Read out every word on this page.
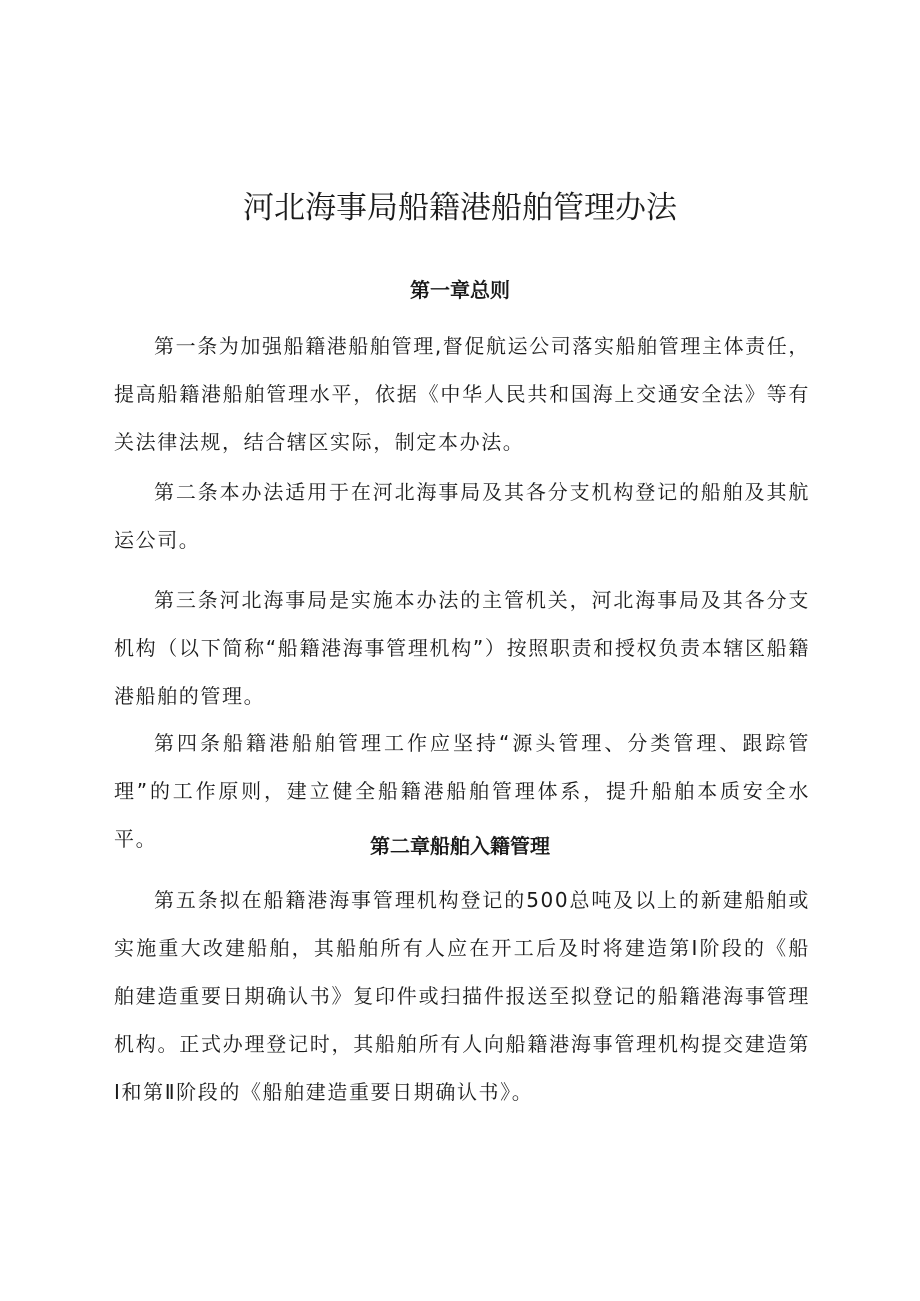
河北海事局船籍港船舶管理办法
第一章总则

第一条为加强船籍港船舶管理,督促航运公司落实船舶管理主体责任，提高船籍港船舶管理水平，依据《中华人民共和国海上交通安全法》等有关法律法规，结合辖区实际，制定本办法。

第二条本办法适用于在河北海事局及其各分支机构登记的船舶及其航运公司。

第三条河北海事局是实施本办法的主管机关，河北海事局及其各分支机构（以下简称“船籍港海事管理机构”）按照职责和授权负责本辖区船籍港船舶的管理。

第四条船籍港船舶管理工作应坚持“源头管理、分类管理、跟踪管理”的工作原则，建立健全船籍港船舶管理体系，提升船舶本质安全水平。	第二章船舶入籍管理

第五条拟在船籍港海事管理机构登记的500总吨及以上的新建船舶或实施重大改建船舶，其船舶所有人应在开工后及时将建造第Ⅰ阶段的《船舶建造重要日期确认书》复印件或扫描件报送至拟登记的船籍港海事管理机构。正式办理登记时，其船舶所有人向船籍港海事管理机构提交建造第Ⅰ和第Ⅱ阶段的《船舶建造重要日期确认书》。
